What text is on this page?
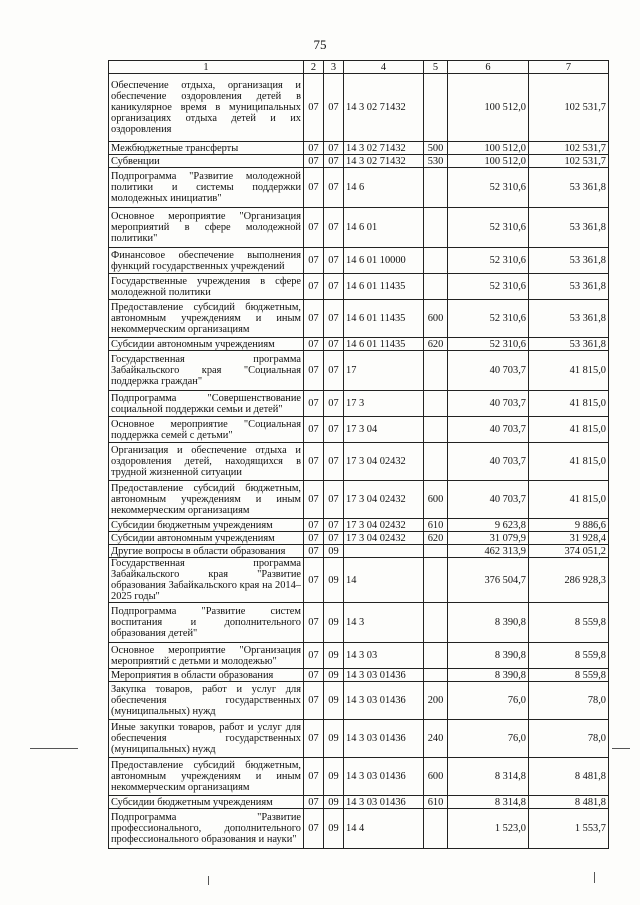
75
1	2	3	4	5	6	7
Обеспечение отдыха, организация и обеспечение оздоровления детей в каникулярное время в муниципальных организациях отдыха детей и их оздоровления	07	07	14 3 02 71432		100 512,0	102 531,7
Межбюджетные трансферты	07	07	14 3 02 71432	500	100 512,0	102 531,7
Субвенции	07	07	14 3 02 71432	530	100 512,0	102 531,7
Подпрограмма "Развитие молодежной политики и системы поддержки молодежных инициатив"	07	07	14 6		52 310,6	53 361,8
Основное мероприятие "Организация мероприятий в сфере молодежной политики"	07	07	14 6 01		52 310,6	53 361,8
Финансовое обеспечение выполнения функций государственных учреждений	07	07	14 6 01 10000		52 310,6	53 361,8
Государственные учреждения в сфере молодежной политики	07	07	14 6 01 11435		52 310,6	53 361,8
Предоставление субсидий бюджетным, автономным учреждениям и иным некоммерческим организациям	07	07	14 6 01 11435	600	52 310,6	53 361,8
Субсидии автономным учреждениям	07	07	14 6 01 11435	620	52 310,6	53 361,8
Государственная программа Забайкальского края "Социальная поддержка граждан"	07	07	17		40 703,7	41 815,0
Подпрограмма "Совершенствование социальной поддержки семьи и детей"	07	07	17 3		40 703,7	41 815,0
Основное мероприятие "Социальная поддержка семей с детьми"	07	07	17 3 04		40 703,7	41 815,0
Организация и обеспечение отдыха и оздоровления детей, находящихся в трудной жизненной ситуации	07	07	17 3 04 02432		40 703,7	41 815,0
Предоставление субсидий бюджетным, автономным учреждениям и иным некоммерческим организациям	07	07	17 3 04 02432	600	40 703,7	41 815,0
Субсидии бюджетным учреждениям	07	07	17 3 04 02432	610	9 623,8	9 886,6
Субсидии автономным учреждениям	07	07	17 3 04 02432	620	31 079,9	31 928,4
Другие вопросы в области образования	07	09			462 313,9	374 051,2
Государственная программа Забайкальского края "Развитие образования Забайкальского края на 2014–2025 годы"	07	09	14		376 504,7	286 928,3
Подпрограмма "Развитие систем воспитания и дополнительного образования детей"	07	09	14 3		8 390,8	8 559,8
Основное мероприятие "Организация мероприятий с детьми и молодежью"	07	09	14 3 03		8 390,8	8 559,8
Мероприятия в области образования	07	09	14 3 03 01436		8 390,8	8 559,8
Закупка товаров, работ и услуг для обеспечения государственных (муниципальных) нужд	07	09	14 3 03 01436	200	76,0	78,0
Иные закупки товаров, работ и услуг для обеспечения государственных (муниципальных) нужд	07	09	14 3 03 01436	240	76,0	78,0
Предоставление субсидий бюджетным, автономным учреждениям и иным некоммерческим организациям	07	09	14 3 03 01436	600	8 314,8	8 481,8
Субсидии бюджетным учреждениям	07	09	14 3 03 01436	610	8 314,8	8 481,8
Подпрограмма "Развитие профессионального, дополнительного профессионального образования и науки"	07	09	14 4		1 523,0	1 553,7
